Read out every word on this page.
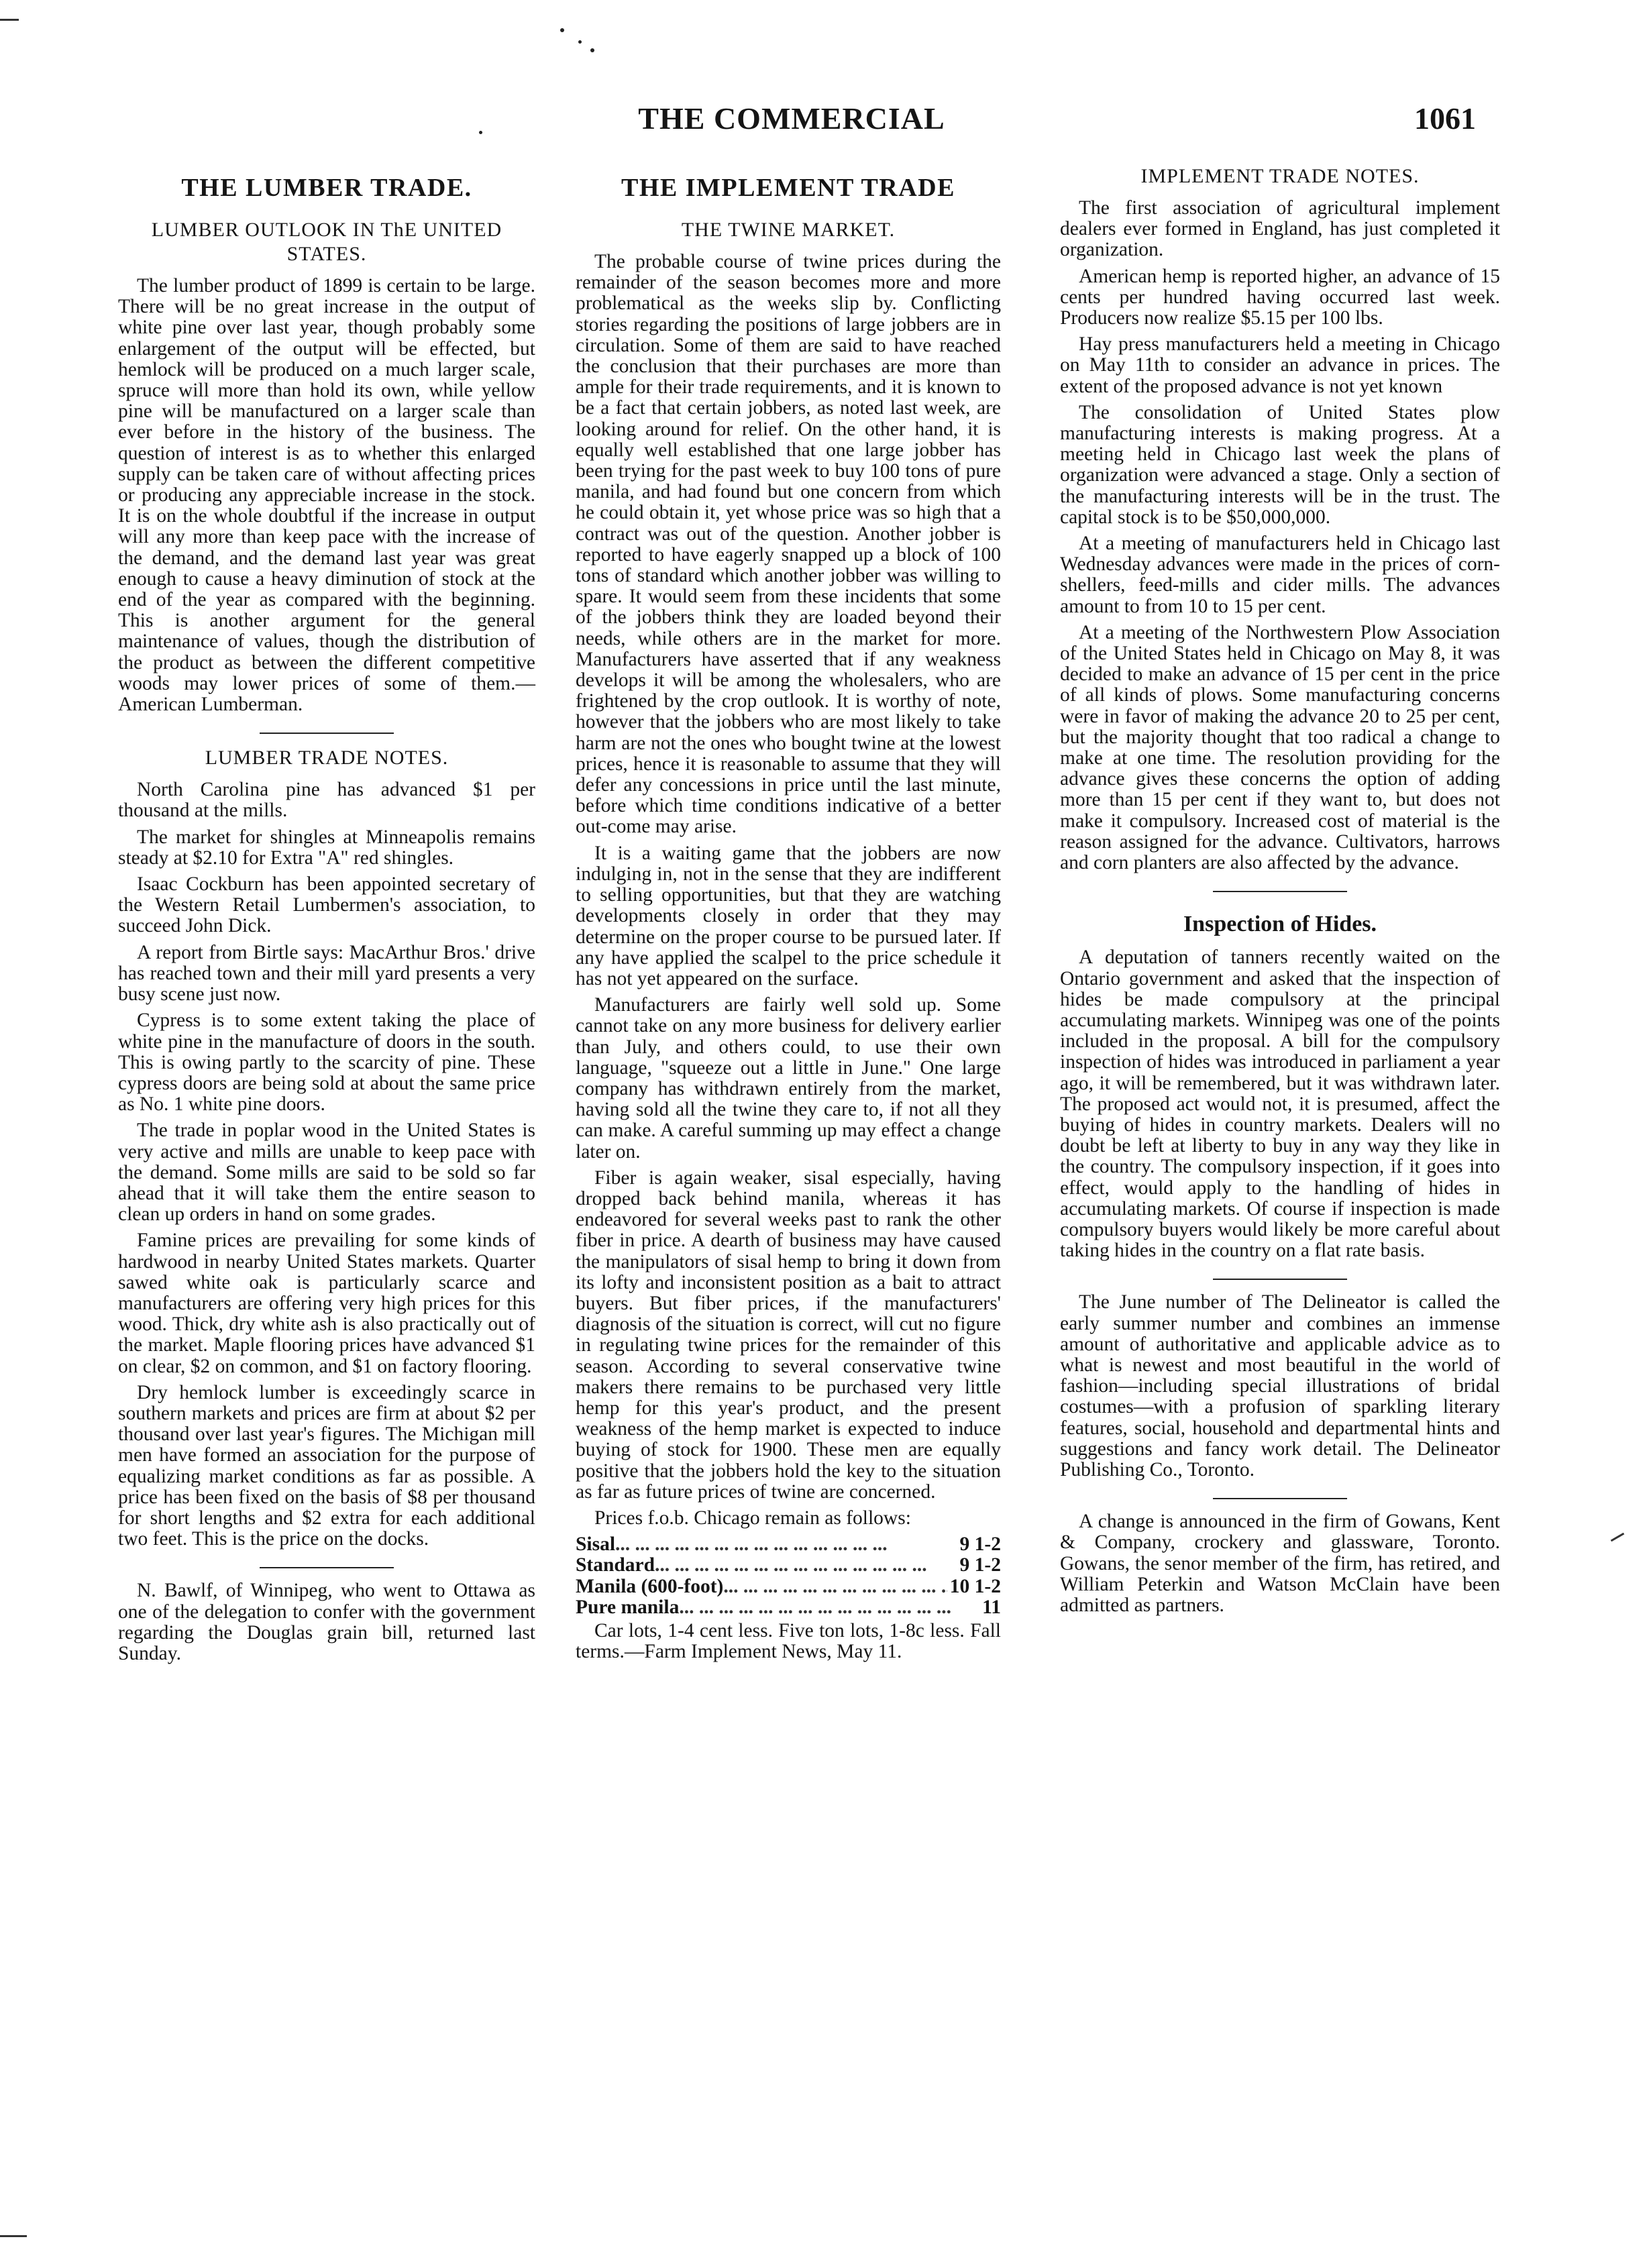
THE COMMERCIAL	1061
THE LUMBER TRADE.
LUMBER OUTLOOK IN ThE UNITED STATES.

The lumber product of 1899 is certain to be large. There will be no great increase in the output of white pine over last year, though probably some enlargement of the output will be effected, but hemlock will be produced on a much larger scale, spruce will more than hold its own, while yellow pine will be manufactured on a larger scale than ever before in the history of the business. The question of interest is as to whether this enlarged supply can be taken care of without affecting prices or producing any appreciable increase in the stock. It is on the whole doubtful if the increase in output will any more than keep pace with the increase of the demand, and the demand last year was great enough to cause a heavy diminution of stock at the end of the year as compared with the beginning. This is another argument for the general maintenance of values, though the distribution of the product as between the different competitive woods may lower prices of some of them.—American Lumberman.

LUMBER TRADE NOTES.

North Carolina pine has advanced $1 per thousand at the mills.

The market for shingles at Minneapolis remains steady at $2.10 for Extra "A" red shingles.

Isaac Cockburn has been appointed secretary of the Western Retail Lumbermen's association, to succeed John Dick.

A report from Birtle says: MacArthur Bros.' drive has reached town and their mill yard presents a very busy scene just now.

Cypress is to some extent taking the place of white pine in the manufacture of doors in the south. This is owing partly to the scarcity of pine. These cypress doors are being sold at about the same price as No. 1 white pine doors.

The trade in poplar wood in the United States is very active and mills are unable to keep pace with the demand. Some mills are said to be sold so far ahead that it will take them the entire season to clean up orders in hand on some grades.

Famine prices are prevailing for some kinds of hardwood in nearby United States markets. Quarter sawed white oak is particularly scarce and manufacturers are offering very high prices for this wood. Thick, dry white ash is also practically out of the market. Maple flooring prices have advanced $1 on clear, $2 on common, and $1 on factory flooring.

Dry hemlock lumber is exceedingly scarce in southern markets and prices are firm at about $2 per thousand over last year's figures. The Michigan mill men have formed an association for the purpose of equalizing market conditions as far as possible. A price has been fixed on the basis of $8 per thousand for short lengths and $2 extra for each additional two feet. This is the price on the docks.

N. Bawlf, of Winnipeg, who went to Ottawa as one of the delegation to confer with the government regarding the Douglas grain bill, returned last Sunday.

THE IMPLEMENT TRADE
THE TWINE MARKET.

The probable course of twine prices during the remainder of the season becomes more and more problematical as the weeks slip by. Conflicting stories regarding the positions of large jobbers are in circulation. Some of them are said to have reached the conclusion that their purchases are more than ample for their trade requirements, and it is known to be a fact that certain jobbers, as noted last week, are looking around for relief. On the other hand, it is equally well established that one large jobber has been trying for the past week to buy 100 tons of pure manila, and had found but one concern from which he could obtain it, yet whose price was so high that a contract was out of the question. Another jobber is reported to have eagerly snapped up a block of 100 tons of standard which another jobber was willing to spare. It would seem from these incidents that some of the jobbers think they are loaded beyond their needs, while others are in the market for more. Manufacturers have asserted that if any weakness develops it will be among the wholesalers, who are frightened by the crop outlook. It is worthy of note, however that the jobbers who are most likely to take harm are not the ones who bought twine at the lowest prices, hence it is reasonable to assume that they will defer any concessions in price until the last minute, before which time conditions indicative of a better out-come may arise.

It is a waiting game that the jobbers are now indulging in, not in the sense that they are indifferent to selling opportunities, but that they are watching developments closely in order that they may determine on the proper course to be pursued later. If any have applied the scalpel to the price schedule it has not yet appeared on the surface.

Manufacturers are fairly well sold up. Some cannot take on any more business for delivery earlier than July, and others could, to use their own language, "squeeze out a little in June." One large company has withdrawn entirely from the market, having sold all the twine they care to, if not all they can make. A careful summing up may effect a change later on.

Fiber is again weaker, sisal especially, having dropped back behind manila, whereas it has endeavored for several weeks past to rank the other fiber in price. A dearth of business may have caused the manipulators of sisal hemp to bring it down from its lofty and inconsistent position as a bait to attract buyers. But fiber prices, if the manufacturers' diagnosis of the situation is correct, will cut no figure in regulating twine prices for the remainder of this season. According to several conservative twine makers there remains to be purchased very little hemp for this year's product, and the present weakness of the hemp market is expected to induce buying of stock for 1900. These men are equally positive that the jobbers hold the key to the situation as far as future prices of twine are concerned.

Prices f.o.b. Chicago remain as follows:

Sisal ... .	9 1-2
Standard ... .	9 1-2
Manila (600-foot) ... .	10 1-2
Pure manila ... .	11

Car lots, 1-4 cent less. Five ton lots, 1-8c less. Fall terms.—Farm Implement News, May 11.

IMPLEMENT TRADE NOTES.

The first association of agricultural implement dealers ever formed in England, has just completed it organization.

American hemp is reported higher, an advance of 15 cents per hundred having occurred last week. Producers now realize $5.15 per 100 lbs.

Hay press manufacturers held a meeting in Chicago on May 11th to consider an advance in prices. The extent of the proposed advance is not yet known

The consolidation of United States plow manufacturing interests is making progress. At a meeting held in Chicago last week the plans of organization were advanced a stage. Only a section of the manufacturing interests will be in the trust. The capital stock is to be $50,000,000.

At a meeting of manufacturers held in Chicago last Wednesday advances were made in the prices of corn-shellers, feed-mills and cider mills. The advances amount to from 10 to 15 per cent.

At a meeting of the Northwestern Plow Association of the United States held in Chicago on May 8, it was decided to make an advance of 15 per cent in the price of all kinds of plows. Some manufacturing concerns were in favor of making the advance 20 to 25 per cent, but the majority thought that too radical a change to make at one time. The resolution providing for the advance gives these concerns the option of adding more than 15 per cent if they want to, but does not make it compulsory. Increased cost of material is the reason assigned for the advance. Cultivators, harrows and corn planters are also affected by the advance.

Inspection of Hides.

A deputation of tanners recently waited on the Ontario government and asked that the inspection of hides be made compulsory at the principal accumulating markets. Winnipeg was one of the points included in the proposal. A bill for the compulsory inspection of hides was introduced in parliament a year ago, it will be remembered, but it was withdrawn later. The proposed act would not, it is presumed, affect the buying of hides in country markets. Dealers will no doubt be left at liberty to buy in any way they like in the country. The compulsory inspection, if it goes into effect, would apply to the handling of hides in accumulating markets. Of course if inspection is made compulsory buyers would likely be more careful about taking hides in the country on a flat rate basis.

The June number of The Delineator is called the early summer number and combines an immense amount of authoritative and applicable advice as to what is newest and most beautiful in the world of fashion—including special illustrations of bridal costumes—with a profusion of sparkling literary features, social, household and departmental hints and suggestions and fancy work detail. The Delineator Publishing Co., Toronto.

A change is announced in the firm of Gowans, Kent & Company, crockery and glassware, Toronto. Gowans, the senor member of the firm, has retired, and William Peterkin and Watson McClain have been admitted as partners.
